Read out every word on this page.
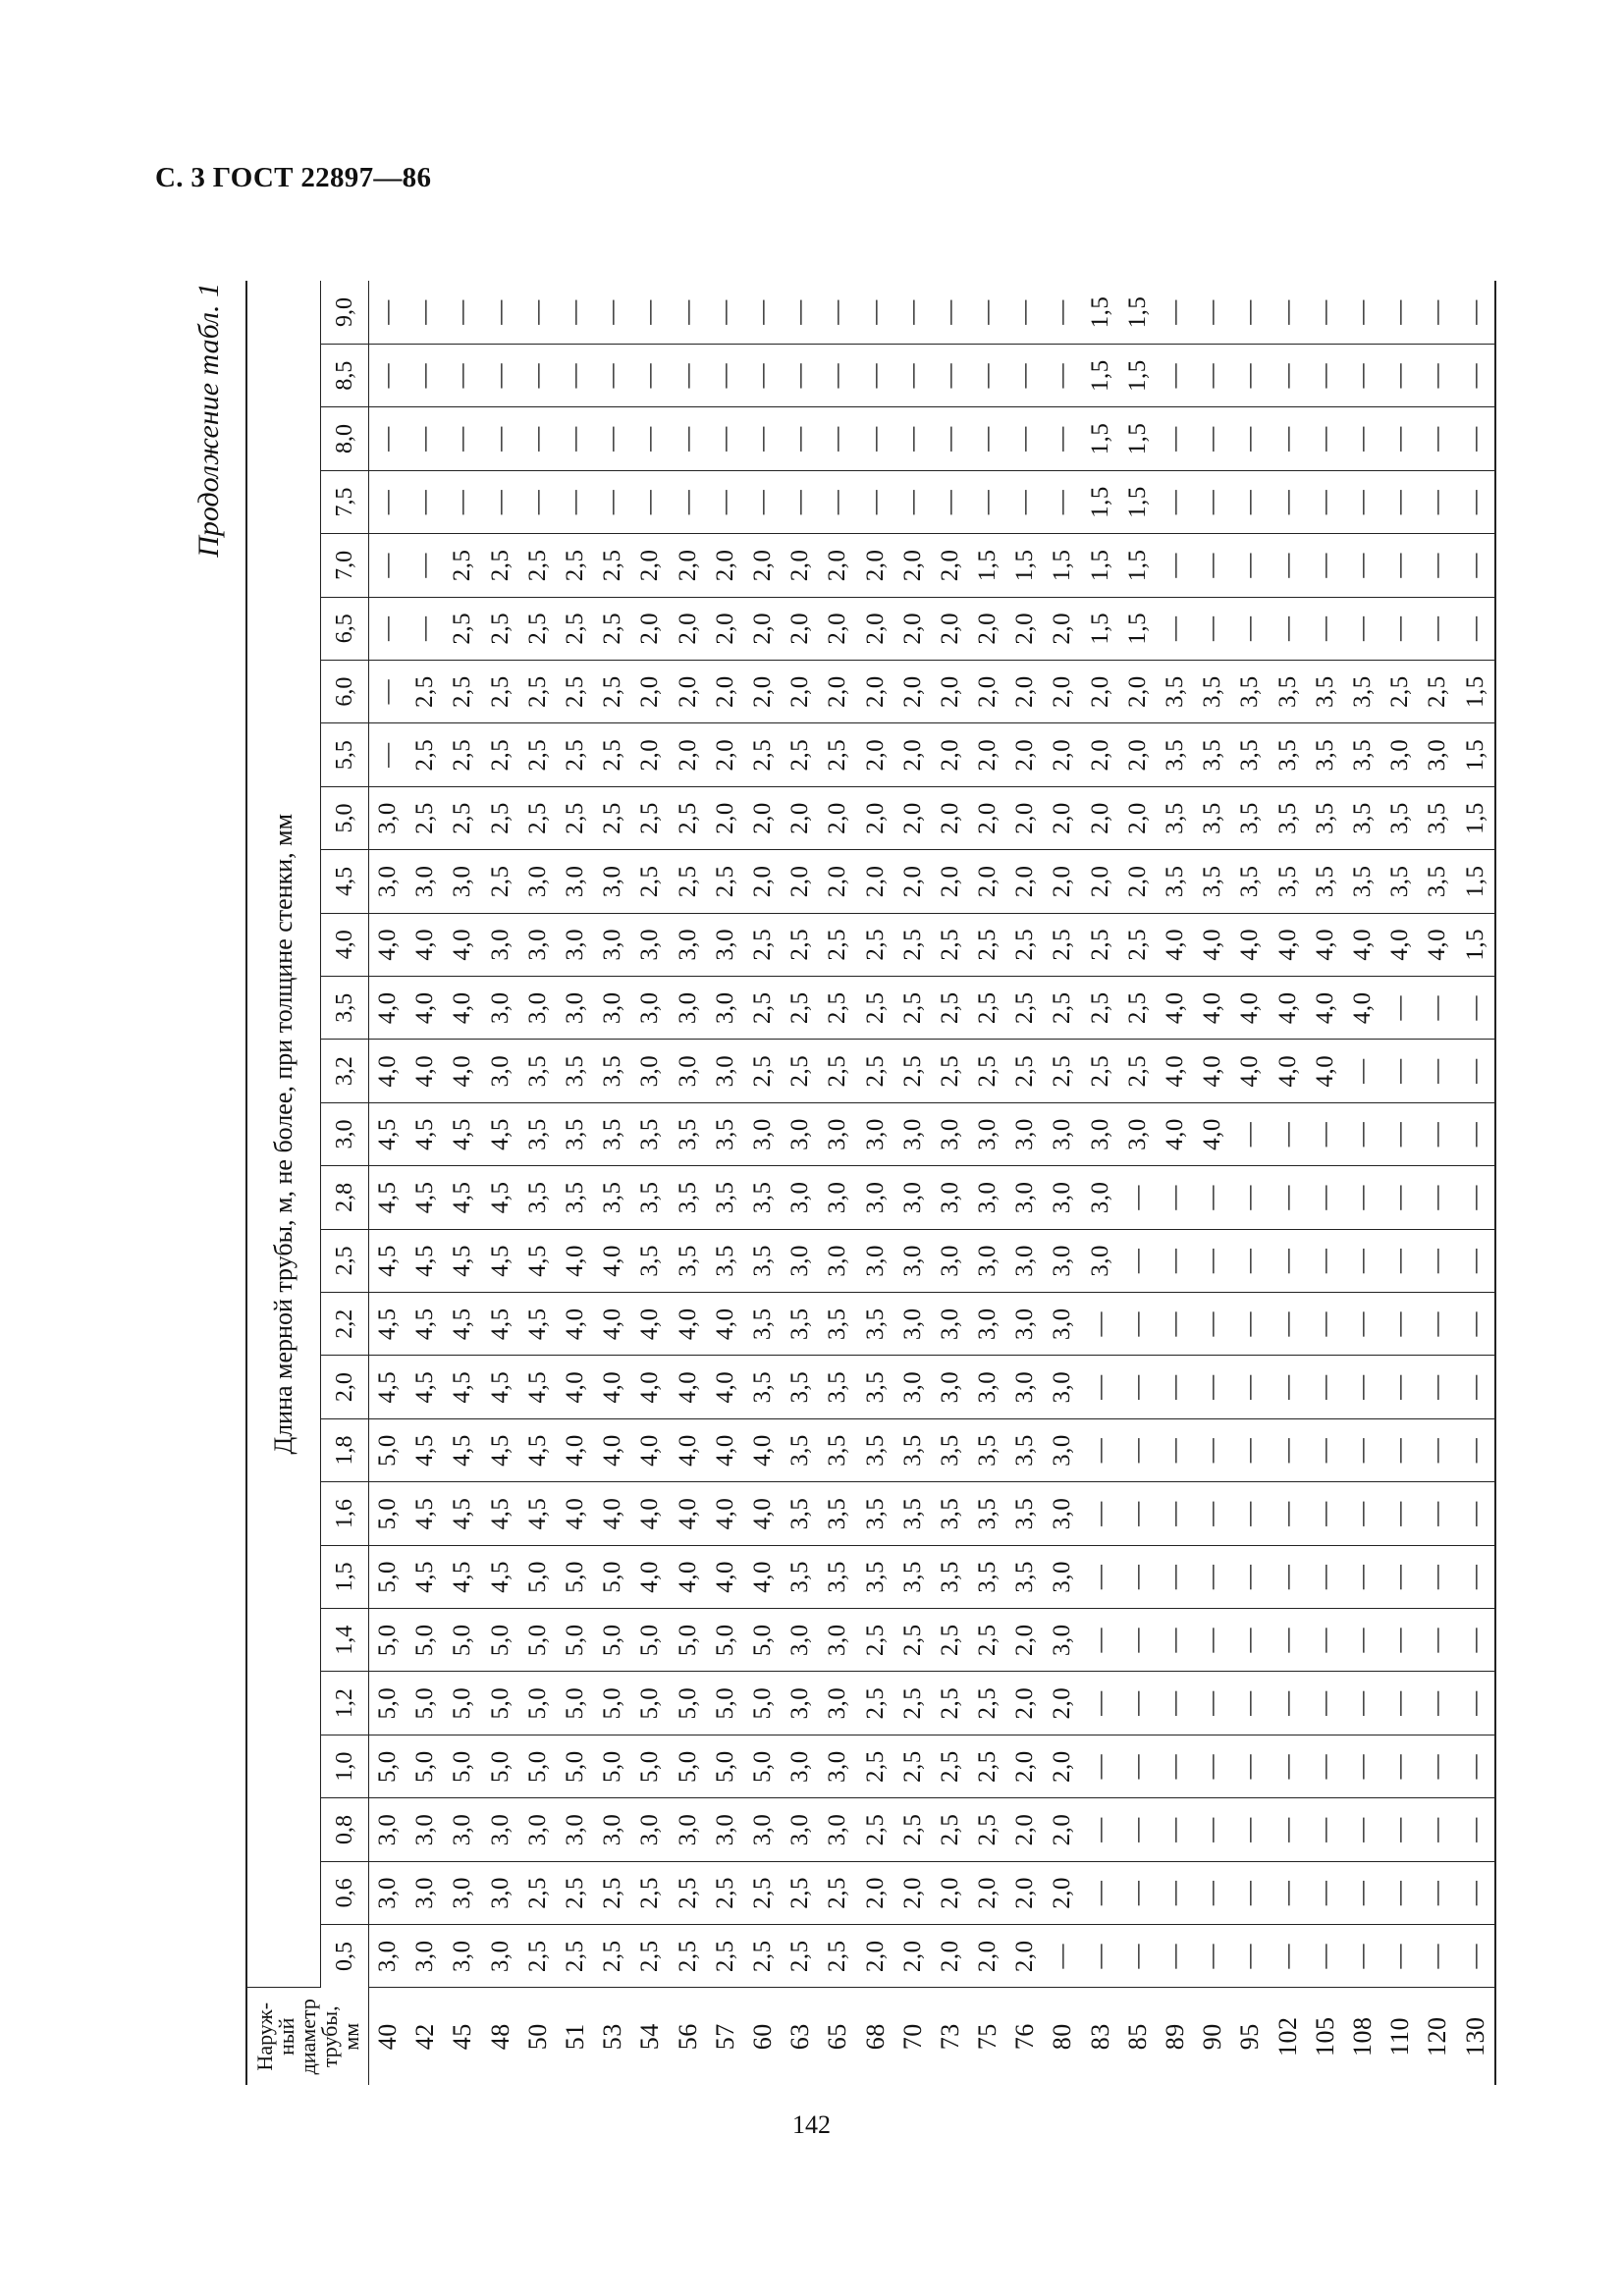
С. 3 ГОСТ 22897—86
Продолжение табл. 1
Наруж-
ный
диаметр
трубы,
мм	Длина мерной трубы, м, не более, при толщине стенки, мм																										
	0,5	0,6	0,8	1,0	1,2	1,4	1,5	1,6	1,8	2,0	2,2	2,5	2,8	3,0	3,2	3,5	4,0	4,5	5,0	5,5	6,0	6,5	7,0	7,5	8,0	8,5	9,0
40	3,0	3,0	3,0	5,0	5,0	5,0	5,0	5,0	5,0	4,5	4,5	4,5	4,5	4,5	4,0	4,0	4,0	3,0	3,0	—	—	—	—	—	—	—	—
42	3,0	3,0	3,0	5,0	5,0	5,0	4,5	4,5	4,5	4,5	4,5	4,5	4,5	4,5	4,0	4,0	4,0	3,0	2,5	2,5	2,5	—	—	—	—	—	—
45	3,0	3,0	3,0	5,0	5,0	5,0	4,5	4,5	4,5	4,5	4,5	4,5	4,5	4,5	4,0	4,0	4,0	3,0	2,5	2,5	2,5	2,5	2,5	—	—	—	—
48	3,0	3,0	3,0	5,0	5,0	5,0	4,5	4,5	4,5	4,5	4,5	4,5	4,5	4,5	3,0	3,0	3,0	2,5	2,5	2,5	2,5	2,5	2,5	—	—	—	—
50	2,5	2,5	3,0	5,0	5,0	5,0	5,0	4,5	4,5	4,5	4,5	4,5	3,5	3,5	3,5	3,0	3,0	3,0	2,5	2,5	2,5	2,5	2,5	—	—	—	—
51	2,5	2,5	3,0	5,0	5,0	5,0	5,0	4,0	4,0	4,0	4,0	4,0	3,5	3,5	3,5	3,0	3,0	3,0	2,5	2,5	2,5	2,5	2,5	—	—	—	—
53	2,5	2,5	3,0	5,0	5,0	5,0	5,0	4,0	4,0	4,0	4,0	4,0	3,5	3,5	3,5	3,0	3,0	3,0	2,5	2,5	2,5	2,5	2,5	—	—	—	—
54	2,5	2,5	3,0	5,0	5,0	5,0	4,0	4,0	4,0	4,0	4,0	3,5	3,5	3,5	3,0	3,0	3,0	2,5	2,5	2,0	2,0	2,0	2,0	—	—	—	—
56	2,5	2,5	3,0	5,0	5,0	5,0	4,0	4,0	4,0	4,0	4,0	3,5	3,5	3,5	3,0	3,0	3,0	2,5	2,5	2,0	2,0	2,0	2,0	—	—	—	—
57	2,5	2,5	3,0	5,0	5,0	5,0	4,0	4,0	4,0	4,0	4,0	3,5	3,5	3,5	3,0	3,0	3,0	2,5	2,0	2,0	2,0	2,0	2,0	—	—	—	—
60	2,5	2,5	3,0	5,0	5,0	5,0	4,0	4,0	4,0	3,5	3,5	3,5	3,5	3,0	2,5	2,5	2,5	2,0	2,0	2,5	2,0	2,0	2,0	—	—	—	—
63	2,5	2,5	3,0	3,0	3,0	3,0	3,5	3,5	3,5	3,5	3,5	3,0	3,0	3,0	2,5	2,5	2,5	2,0	2,0	2,5	2,0	2,0	2,0	—	—	—	—
65	2,5	2,5	3,0	3,0	3,0	3,0	3,5	3,5	3,5	3,5	3,5	3,0	3,0	3,0	2,5	2,5	2,5	2,0	2,0	2,5	2,0	2,0	2,0	—	—	—	—
68	2,0	2,0	2,5	2,5	2,5	2,5	3,5	3,5	3,5	3,5	3,5	3,0	3,0	3,0	2,5	2,5	2,5	2,0	2,0	2,0	2,0	2,0	2,0	—	—	—	—
70	2,0	2,0	2,5	2,5	2,5	2,5	3,5	3,5	3,5	3,0	3,0	3,0	3,0	3,0	2,5	2,5	2,5	2,0	2,0	2,0	2,0	2,0	2,0	—	—	—	—
73	2,0	2,0	2,5	2,5	2,5	2,5	3,5	3,5	3,5	3,0	3,0	3,0	3,0	3,0	2,5	2,5	2,5	2,0	2,0	2,0	2,0	2,0	2,0	—	—	—	—
75	2,0	2,0	2,5	2,5	2,5	2,5	3,5	3,5	3,5	3,0	3,0	3,0	3,0	3,0	2,5	2,5	2,5	2,0	2,0	2,0	2,0	2,0	1,5	—	—	—	—
76	2,0	2,0	2,0	2,0	2,0	2,0	3,5	3,5	3,5	3,0	3,0	3,0	3,0	3,0	2,5	2,5	2,5	2,0	2,0	2,0	2,0	2,0	1,5	—	—	—	—
80	—	2,0	2,0	2,0	2,0	3,0	3,0	3,0	3,0	3,0	3,0	3,0	3,0	3,0	2,5	2,5	2,5	2,0	2,0	2,0	2,0	2,0	1,5	—	—	—	—
83	—	—	—	—	—	—	—	—	—	—	—	3,0	3,0	3,0	2,5	2,5	2,5	2,0	2,0	2,0	2,0	1,5	1,5	1,5	1,5	1,5	1,5
85	—	—	—	—	—	—	—	—	—	—	—	—	—	3,0	2,5	2,5	2,5	2,0	2,0	2,0	2,0	1,5	1,5	1,5	1,5	1,5	1,5
89	—	—	—	—	—	—	—	—	—	—	—	—	—	4,0	4,0	4,0	4,0	3,5	3,5	3,5	3,5	—	—	—	—	—	—
90	—	—	—	—	—	—	—	—	—	—	—	—	—	4,0	4,0	4,0	4,0	3,5	3,5	3,5	3,5	—	—	—	—	—	—
95	—	—	—	—	—	—	—	—	—	—	—	—	—	—	4,0	4,0	4,0	3,5	3,5	3,5	3,5	—	—	—	—	—	—
102	—	—	—	—	—	—	—	—	—	—	—	—	—	—	4,0	4,0	4,0	3,5	3,5	3,5	3,5	—	—	—	—	—	—
105	—	—	—	—	—	—	—	—	—	—	—	—	—	—	4,0	4,0	4,0	3,5	3,5	3,5	3,5	—	—	—	—	—	—
108	—	—	—	—	—	—	—	—	—	—	—	—	—	—	—	4,0	4,0	3,5	3,5	3,5	3,5	—	—	—	—	—	—
110	—	—	—	—	—	—	—	—	—	—	—	—	—	—	—	—	4,0	3,5	3,5	3,0	2,5	—	—	—	—	—	—
120	—	—	—	—	—	—	—	—	—	—	—	—	—	—	—	—	4,0	3,5	3,5	3,0	2,5	—	—	—	—	—	—
130	—	—	—	—	—	—	—	—	—	—	—	—	—	—	—	—	1,5	1,5	1,5	1,5	1,5	—	—	—	—	—	—
142
